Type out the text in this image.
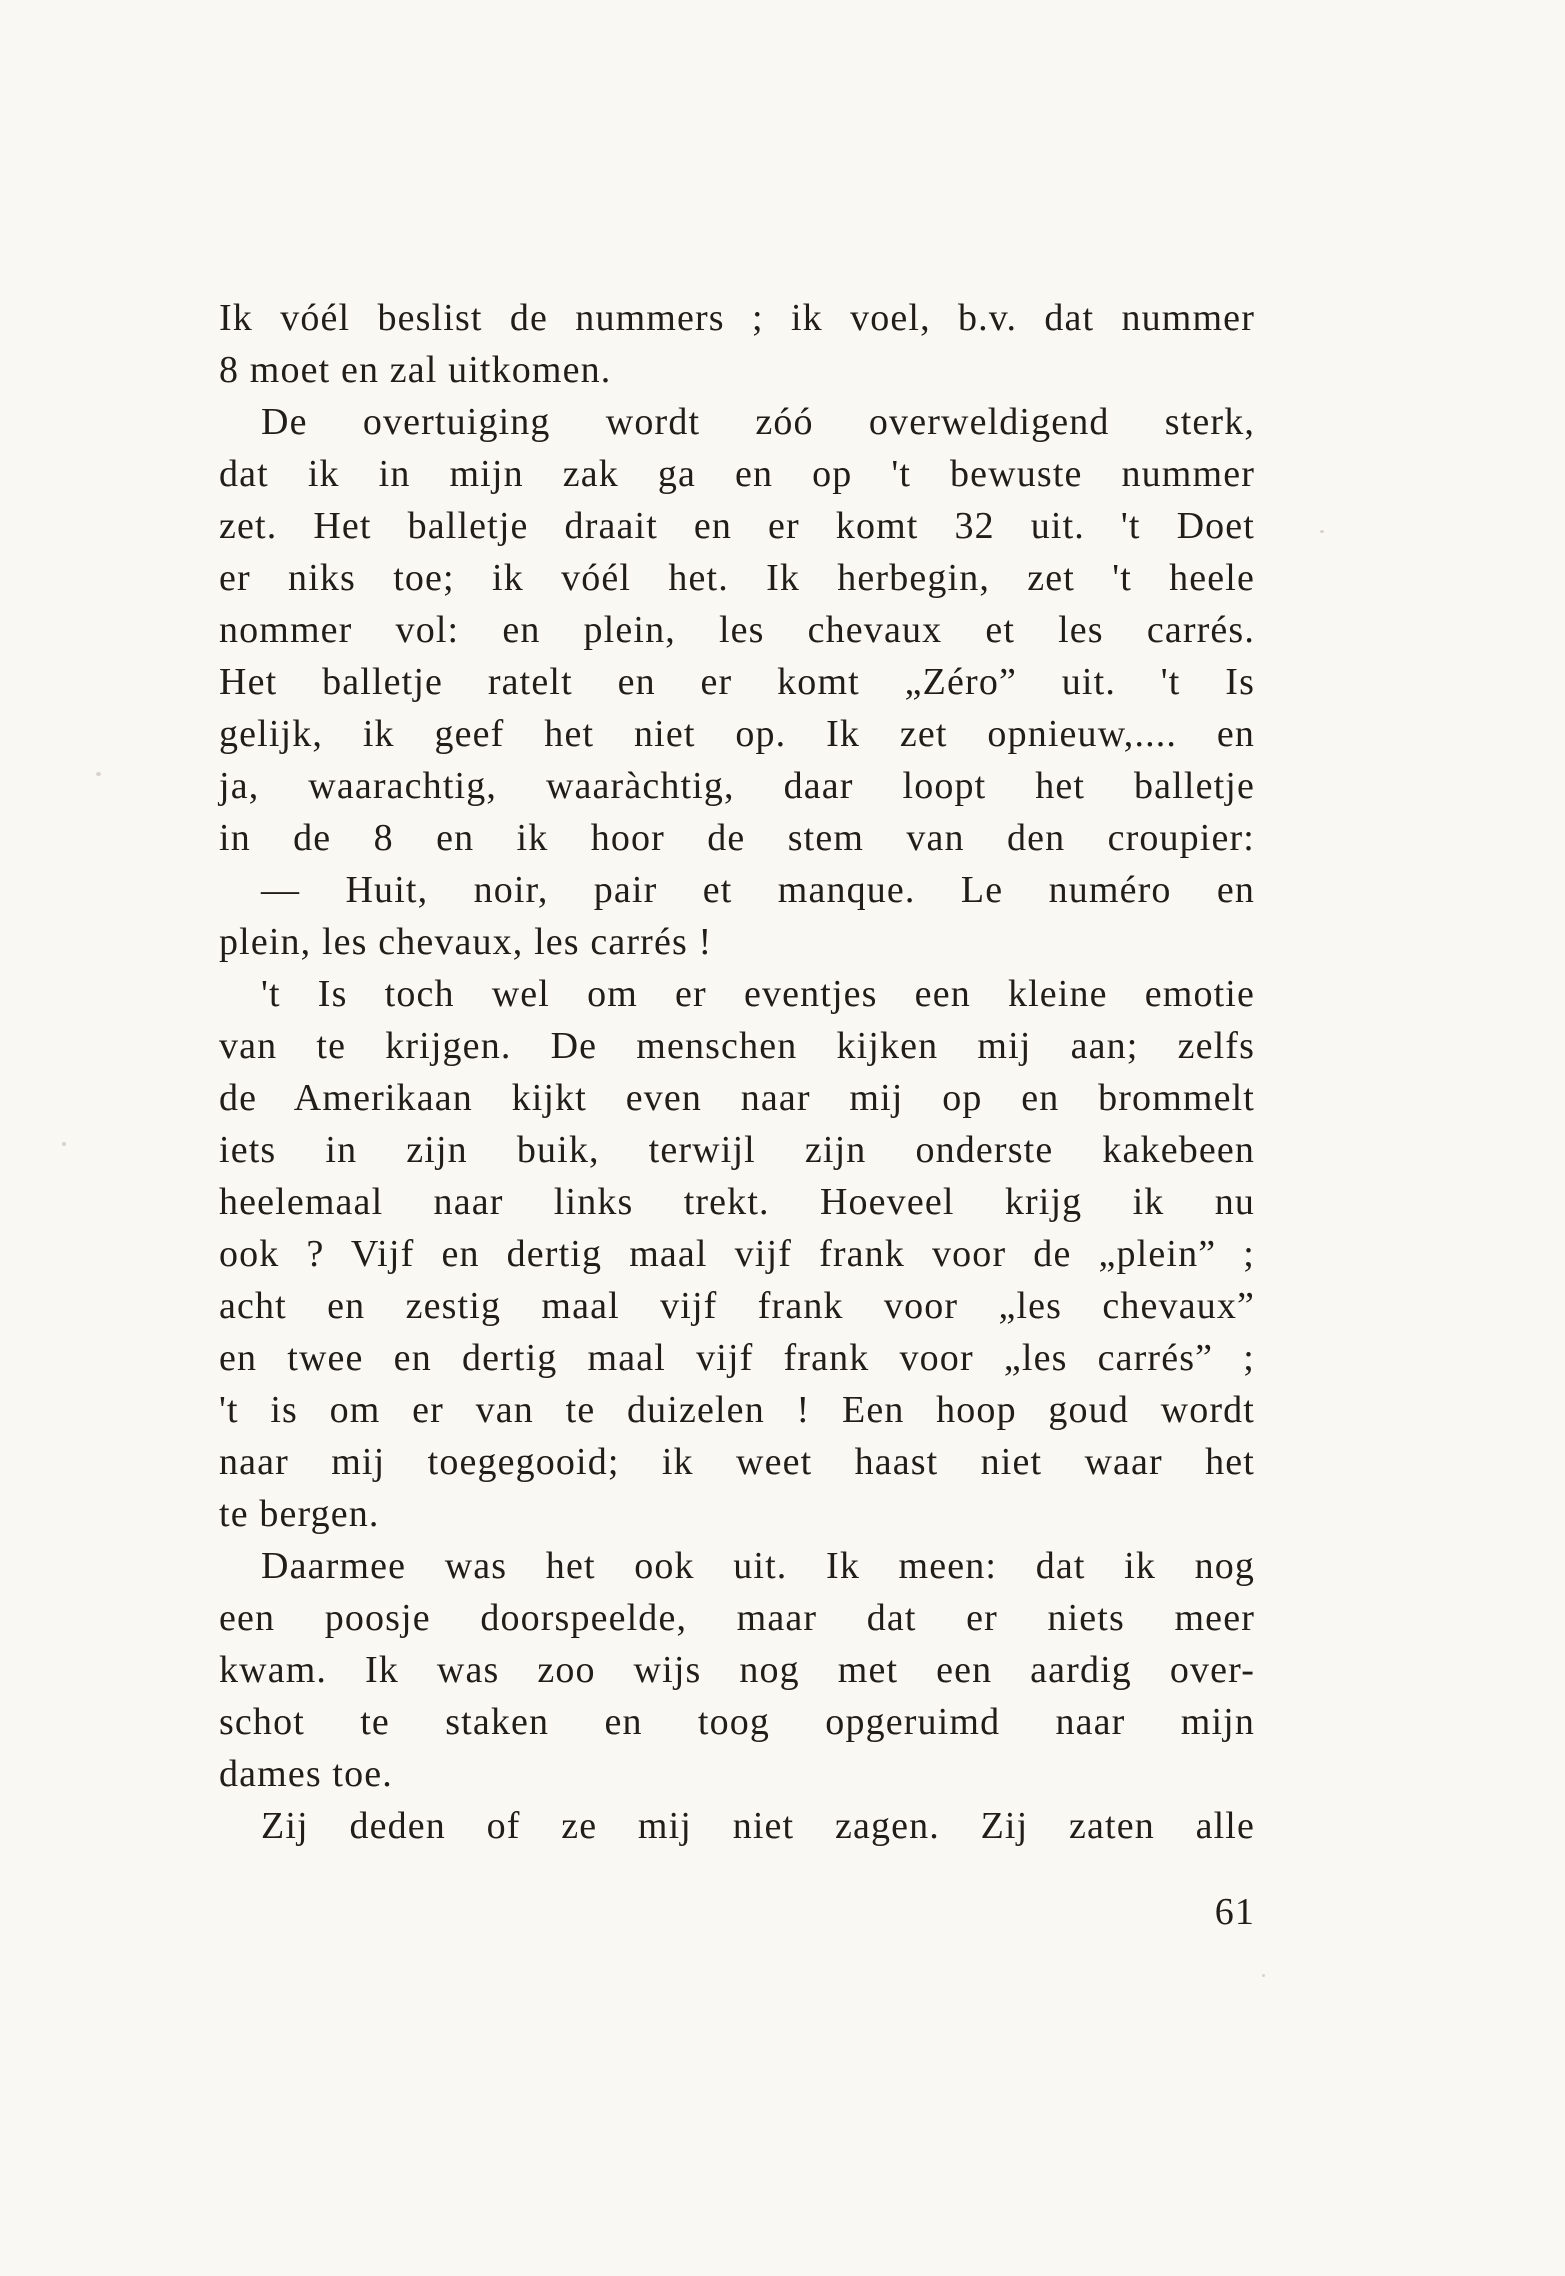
Ik vóél beslist de nummers ; ik voel, b.v. dat nummer
8 moet en zal uitkomen.
De overtuiging wordt zóó overweldigend sterk,
dat ik in mijn zak ga en op 't bewuste nummer
zet. Het balletje draait en er komt 32 uit. 't Doet
er niks toe; ik vóél het. Ik herbegin, zet 't heele
nommer vol: en plein, les chevaux et les carrés.
Het balletje ratelt en er komt „Zéro” uit. 't Is
gelijk, ik geef het niet op. Ik zet opnieuw,.... en
ja, waarachtig, waaràchtig, daar loopt het balletje
in de 8 en ik hoor de stem van den croupier:
— Huit, noir, pair et manque. Le numéro en
plein, les chevaux, les carrés !
't Is toch wel om er eventjes een kleine emotie
van te krijgen. De menschen kijken mij aan; zelfs
de Amerikaan kijkt even naar mij op en brommelt
iets in zijn buik, terwijl zijn onderste kakebeen
heelemaal naar links trekt. Hoeveel krijg ik nu
ook ? Vijf en dertig maal vijf frank voor de „plein” ;
acht en zestig maal vijf frank voor „les chevaux”
en twee en dertig maal vijf frank voor „les carrés” ;
't is om er van te duizelen ! Een hoop goud wordt
naar mij toegegooid; ik weet haast niet waar het
te bergen.
Daarmee was het ook uit. Ik meen: dat ik nog
een poosje doorspeelde, maar dat er niets meer
kwam. Ik was zoo wijs nog met een aardig over-
schot te staken en toog opgeruimd naar mijn
dames toe.
Zij deden of ze mij niet zagen. Zij zaten alle
61
